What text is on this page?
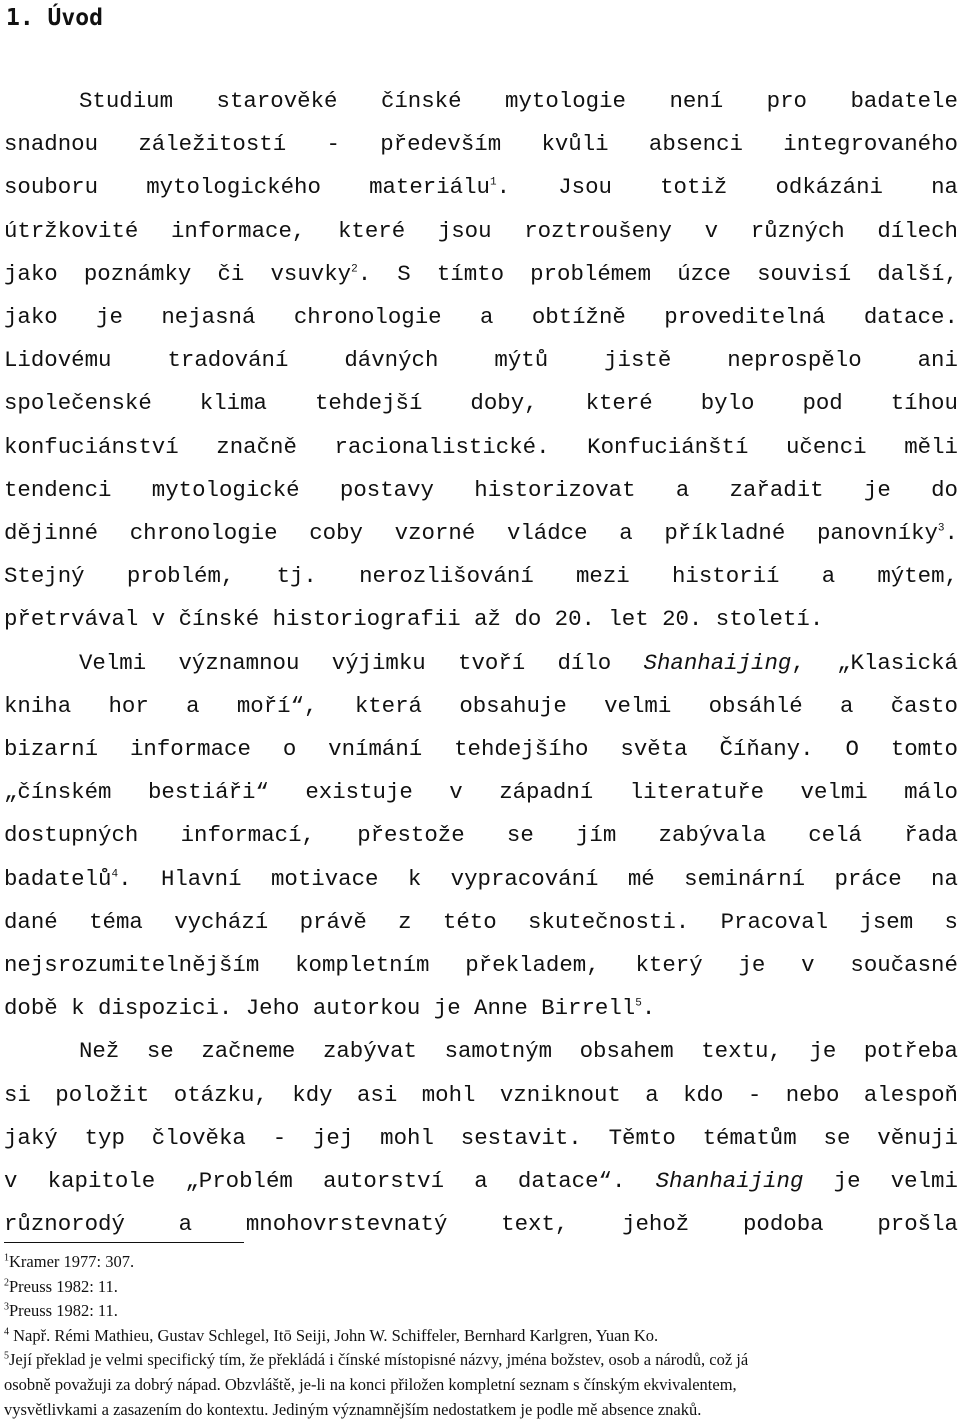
1. Úvod
Studium starověké čínské mytologie není pro badatele
snadnou záležitostí - především kvůli absenci integrovaného
souboru mytologického materiálu$^1$. Jsou totiž odkázáni na
útržkovité informace, které jsou roztroušeny v různých dílech
jako poznámky či vsuvky$^2$. S tímto problémem úzce souvisí další,
jako je nejasná chronologie a obtížně proveditelná datace.
Lidovému tradování dávných mýtů jistě neprospělo ani
společenské klima tehdejší doby, které bylo pod tíhou
konfuciánství značně racionalistické. Konfuciánští učenci měli
tendenci mytologické postavy historizovat a zařadit je do
dějinné chronologie coby vzorné vládce a příkladné panovníky$^3$.
Stejný problém, tj. nerozlišování mezi historií a mýtem,
přetrvával v čínské historiografii až do 20. let 20. století.
Velmi významnou výjimku tvoří dílo Shanhaijing, „Klasická
kniha hor a moří“, která obsahuje velmi obsáhlé a často
bizarní informace o vnímání tehdejšího světa Číňany. O tomto
„čínském bestiáři“ existuje v západní literatuře velmi málo
dostupných informací, přestože se jím zabývala celá řada
badatelů$^4$. Hlavní motivace k vypracování mé seminární práce na
dané téma vychází právě z této skutečnosti. Pracoval jsem s
nejsrozumitelnějším kompletním překladem, který je v současné
době k dispozici. Jeho autorkou je Anne Birrell$^5$.
Než se začneme zabývat samotným obsahem textu, je potřeba
si položit otázku, kdy asi mohl vzniknout a kdo - nebo alespoň
jaký typ člověka - jej mohl sestavit. Těmto tématům se věnuji
v kapitole „Problém autorství a datace“. Shanhaijing je velmi
různorodý a mnohovrstevnatý text, jehož podoba prošla
$^1$Kramer 1977: 307.
$^2$Preuss 1982: 11.
$^3$Preuss 1982: 11.
$^4$ Např. Rémi Mathieu, Gustav Schlegel, Itō Seiji, John W. Schiffeler, Bernhard Karlgren, Yuan Ko.
$^5$Její překlad je velmi specifický tím, že překládá i čínské místopisné názvy, jména božstev, osob a národů, což já
osobně považuji za dobrý nápad. Obzvláště, je-li na konci přiložen kompletní seznam s čínským ekvivalentem,
vysvětlivkami a zasazením do kontextu. Jediným významnějším nedostatkem je podle mě absence znaků.
